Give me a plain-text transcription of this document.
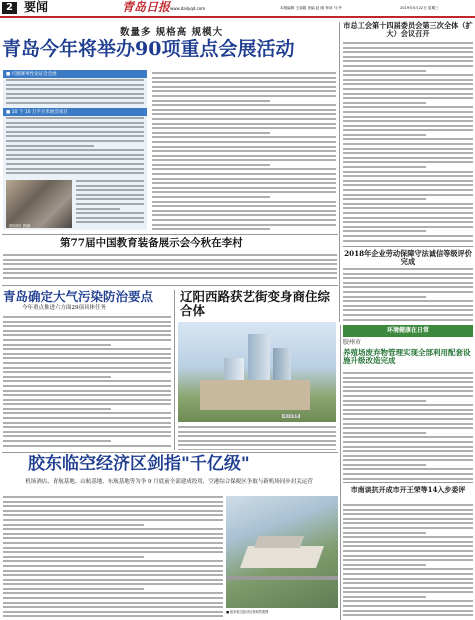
2 要闻	青岛日报 www.dailyqd.com	本版编辑 王丽娟 美编 赵 刚 审读 马 玲	2019年5月22日 星期三
数量多 规格高 规模大
青岛今年将举办90项重点会展活动
■ 可圈赛事性论证会会展
■ 10 个 10 万平方米展会项目
资料照片 图/摄
市总工会第十四届委员会第三次全体（扩大）会议召开
2018年企业劳动保障守法诚信等级评价完成
第77届中国教育装备展示会今秋在李村
青岛确定大气污染防治要点
今年重点推进六方面29项具体任务
辽阳西路获艺街变身商住综合体
项目效果图
环境健康在日常
胶州市
养殖场废弃物管理实现全部利用配套设施升级改造完成
市南谈抗开成市开王荣等14入步委评
胶东临空经济区剑指"千亿级"
机场酒店、青航基地、山航基地、东航基地等为争 9 月底前全部建成投用，空港综合保税区争取与新机场同步封关运营
■ 胶东临空经济区规划效果图
